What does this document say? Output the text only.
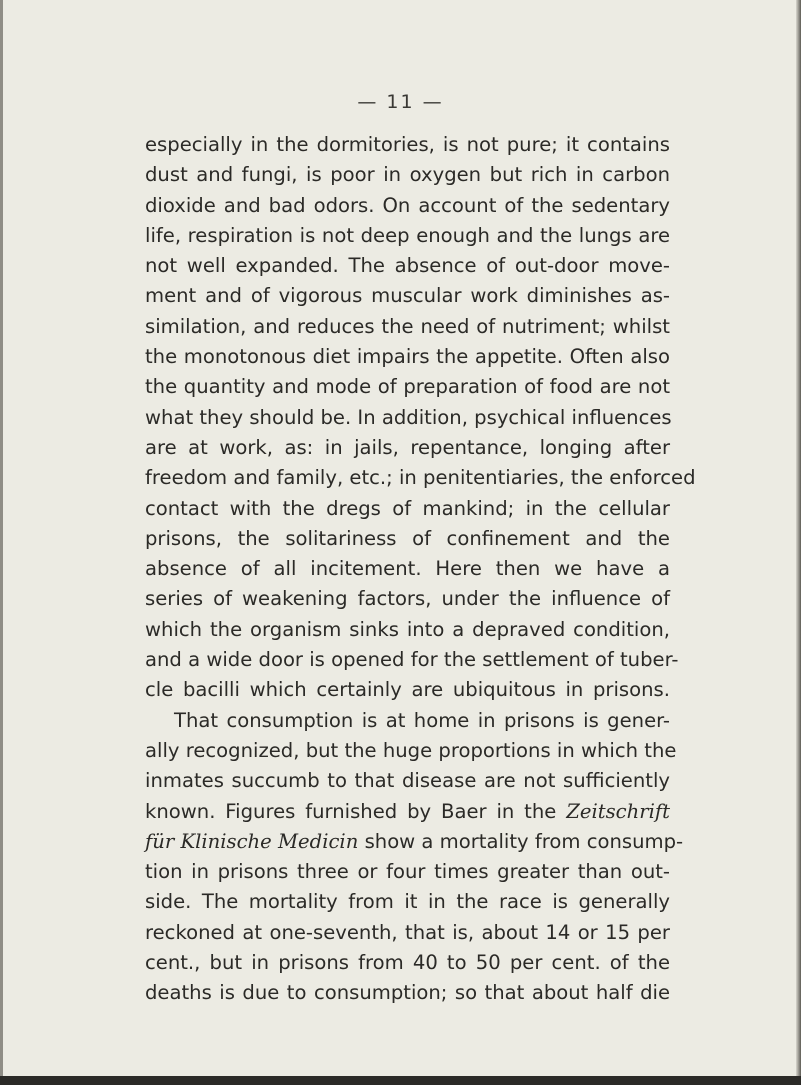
— 11 —
especially in the dormitories, is not pure; it contains
dust and fungi, is poor in oxygen but rich in carbon
dioxide and bad odors. On account of the sedentary
life, respiration is not deep enough and the lungs are
not well expanded. The absence of out-door move-
ment and of vigorous muscular work diminishes as-
similation, and reduces the need of nutriment; whilst
the monotonous diet impairs the appetite. Often also
the quantity and mode of preparation of food are not
what they should be. In addition, psychical influences
are at work, as: in jails, repentance, longing after
freedom and family, etc.; in penitentiaries, the enforced
contact with the dregs of mankind; in the cellular
prisons, the solitariness of confinement and the
absence of all incitement. Here then we have a
series of weakening factors, under the influence of
which the organism sinks into a depraved condition,
and a wide door is opened for the settlement of tuber-
cle bacilli which certainly are ubiquitous in prisons.
That consumption is at home in prisons is gener-
ally recognized, but the huge proportions in which the
inmates succumb to that disease are not sufficiently
known. Figures furnished by Baer in the Zeitschrift
für Klinische Medicin show a mortality from consump-
tion in prisons three or four times greater than out-
side. The mortality from it in the race is generally
reckoned at one-seventh, that is, about 14 or 15 per
cent., but in prisons from 40 to 50 per cent. of the
deaths is due to consumption; so that about half die
